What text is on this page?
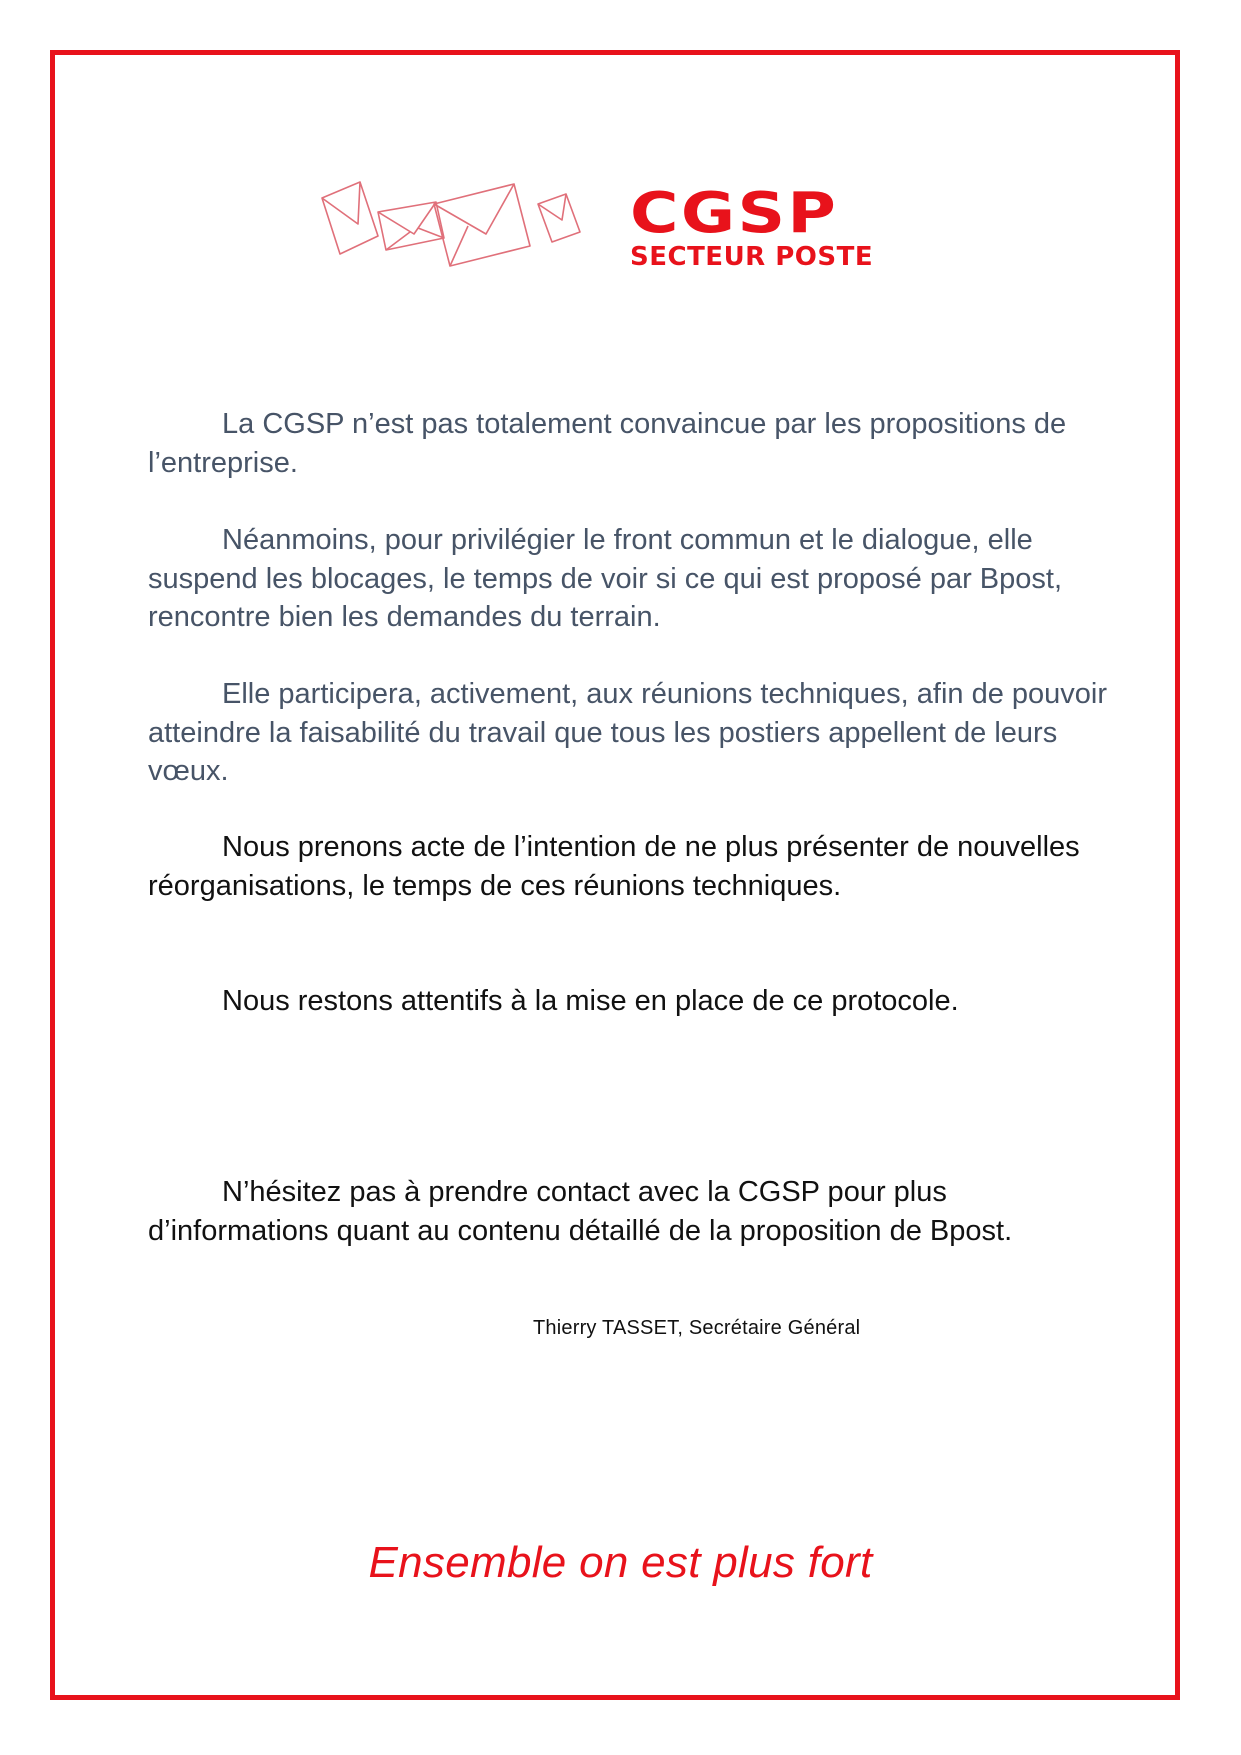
CGSP
SECTEUR POSTE

La CGSP n’est pas totalement convaincue par les propositions de l’entreprise.

Néanmoins, pour privilégier le front commun et le dialogue, elle suspend les blocages, le temps de voir si ce qui est proposé par Bpost, rencontre bien les demandes du terrain.

Elle participera, activement, aux réunions techniques, afin de pouvoir atteindre la faisabilité du travail que tous les postiers appellent de leurs vœux.

Nous prenons acte de l’intention de ne plus présenter de nouvelles réorganisations, le temps de ces réunions techniques.

Nous restons attentifs à la mise en place de ce protocole.

N’hésitez pas à prendre contact avec la CGSP pour plus d’informations quant au contenu détaillé de la proposition de Bpost.

Thierry TASSET, Secrétaire Général
Ensemble on est plus fort
